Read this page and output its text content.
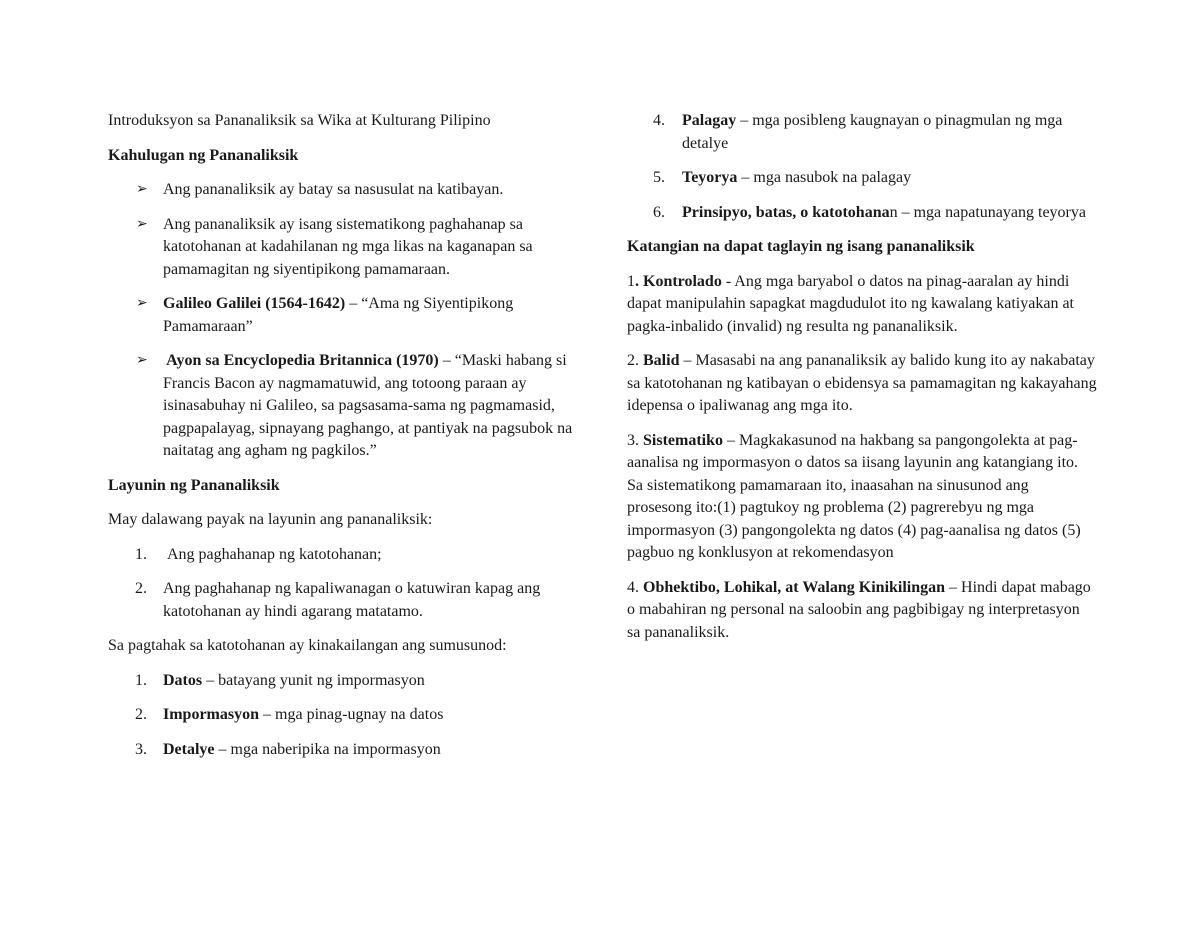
Introduksyon sa Pananaliksik sa Wika at Kulturang Pilipino

Kahulugan ng Pananaliksik

➢ Ang pananaliksik ay batay sa nasusulat na katibayan.
➢ Ang pananaliksik ay isang sistematikong paghahanap sa katotohanan at kadahilanan ng mga likas na kaganapan sa pamamagitan ng siyentipikong pamamaraan.
➢ Galileo Galilei (1564-1642) – “Ama ng Siyentipikong Pamamaraan”
➢ Ayon sa Encyclopedia Britannica (1970) – “Maski habang si Francis Bacon ay nagmamatuwid, ang totoong paraan ay isinasabuhay ni Galileo, sa pagsasama-sama ng pagmamasid, pagpapalayag, sipnayang paghango, at pantiyak na pagsubok na naitatag ang agham ng pagkilos.”

Layunin ng Pananaliksik

May dalawang payak na layunin ang pananaliksik:

1. Ang paghahanap ng katotohanan;
2. Ang paghahanap ng kapaliwanagan o katuwiran kapag ang katotohanan ay hindi agarang matatamo.

Sa pagtahak sa katotohanan ay kinakailangan ang sumusunod:

1. Datos – batayang yunit ng impormasyon
2. Impormasyon – mga pinag-ugnay na datos
3. Detalye – mga naberipika na impormasyon
4. Palagay – mga posibleng kaugnayan o pinagmulan ng mga detalye
5. Teyorya – mga nasubok na palagay
6. Prinsipyo, batas, o katotohanan – mga napatunayang teyorya

Katangian na dapat taglayin ng isang pananaliksik

1. Kontrolado - Ang mga baryabol o datos na pinag-aaralan ay hindi dapat manipulahin sapagkat magdudulot ito ng kawalang katiyakan at pagka-inbalido (invalid) ng resulta ng pananaliksik.

2. Balid – Masasabi na ang pananaliksik ay balido kung ito ay nakabatay sa katotohanan ng katibayan o ebidensya sa pamamagitan ng kakayahang idepensa o ipaliwanag ang mga ito.

3. Sistematiko – Magkakasunod na hakbang sa pangongolekta at pag-aanalisa ng impormasyon o datos sa iisang layunin ang katangiang ito. Sa sistematikong pamamaraan ito, inaasahan na sinusunod ang prosesong ito:(1) pagtukoy ng problema (2) pagrerebyu ng mga impormasyon (3) pangongolekta ng datos (4) pag-aanalisa ng datos (5) pagbuo ng konklusyon at rekomendasyon

4. Obhektibo, Lohikal, at Walang Kinikilingan – Hindi dapat mabago o mabahiran ng personal na saloobin ang pagbibigay ng interpretasyon sa pananaliksik.
